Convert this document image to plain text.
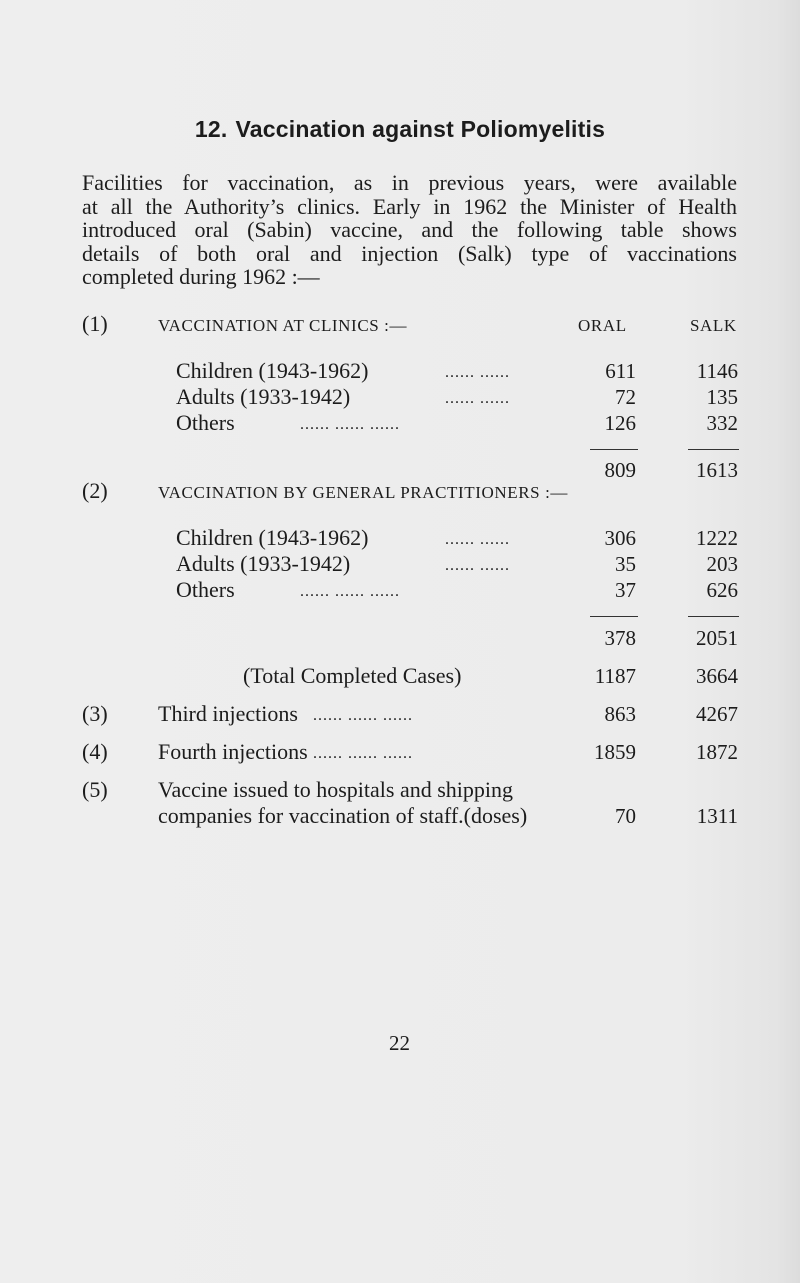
12. Vaccination against Poliomyelitis

Facilities for vaccination, as in previous years, were available

at all the Authority’s clinics. Early in 1962 the Minister of Health

introduced oral (Sabin) vaccine, and the following table shows

details of both oral and injection (Salk) type of vaccinations

completed during 1962 :—

(1)	VACCINATION AT CLINICS :—	ORAL	SALK
Children (1943-1962)	...... ......	611	1146
Adults (1933-1942)	...... ......	72	135
Others	...... ...... ......	126	332
809	1613
(2)	VACCINATION BY GENERAL PRACTITIONERS :—
Children (1943-1962)	...... ......	306	1222
Adults (1933-1942)	...... ......	35	203
Others	...... ...... ......	37	626
378	2051
(Total Completed Cases)	1187	3664
(3) Third injections ...... ...... ......	863	4267
(4) Fourth injections ...... ...... ......	1859	1872
(5) Vaccine issued to hospitals and shipping
companies for vaccination of staff.(doses)	70	1311
22
